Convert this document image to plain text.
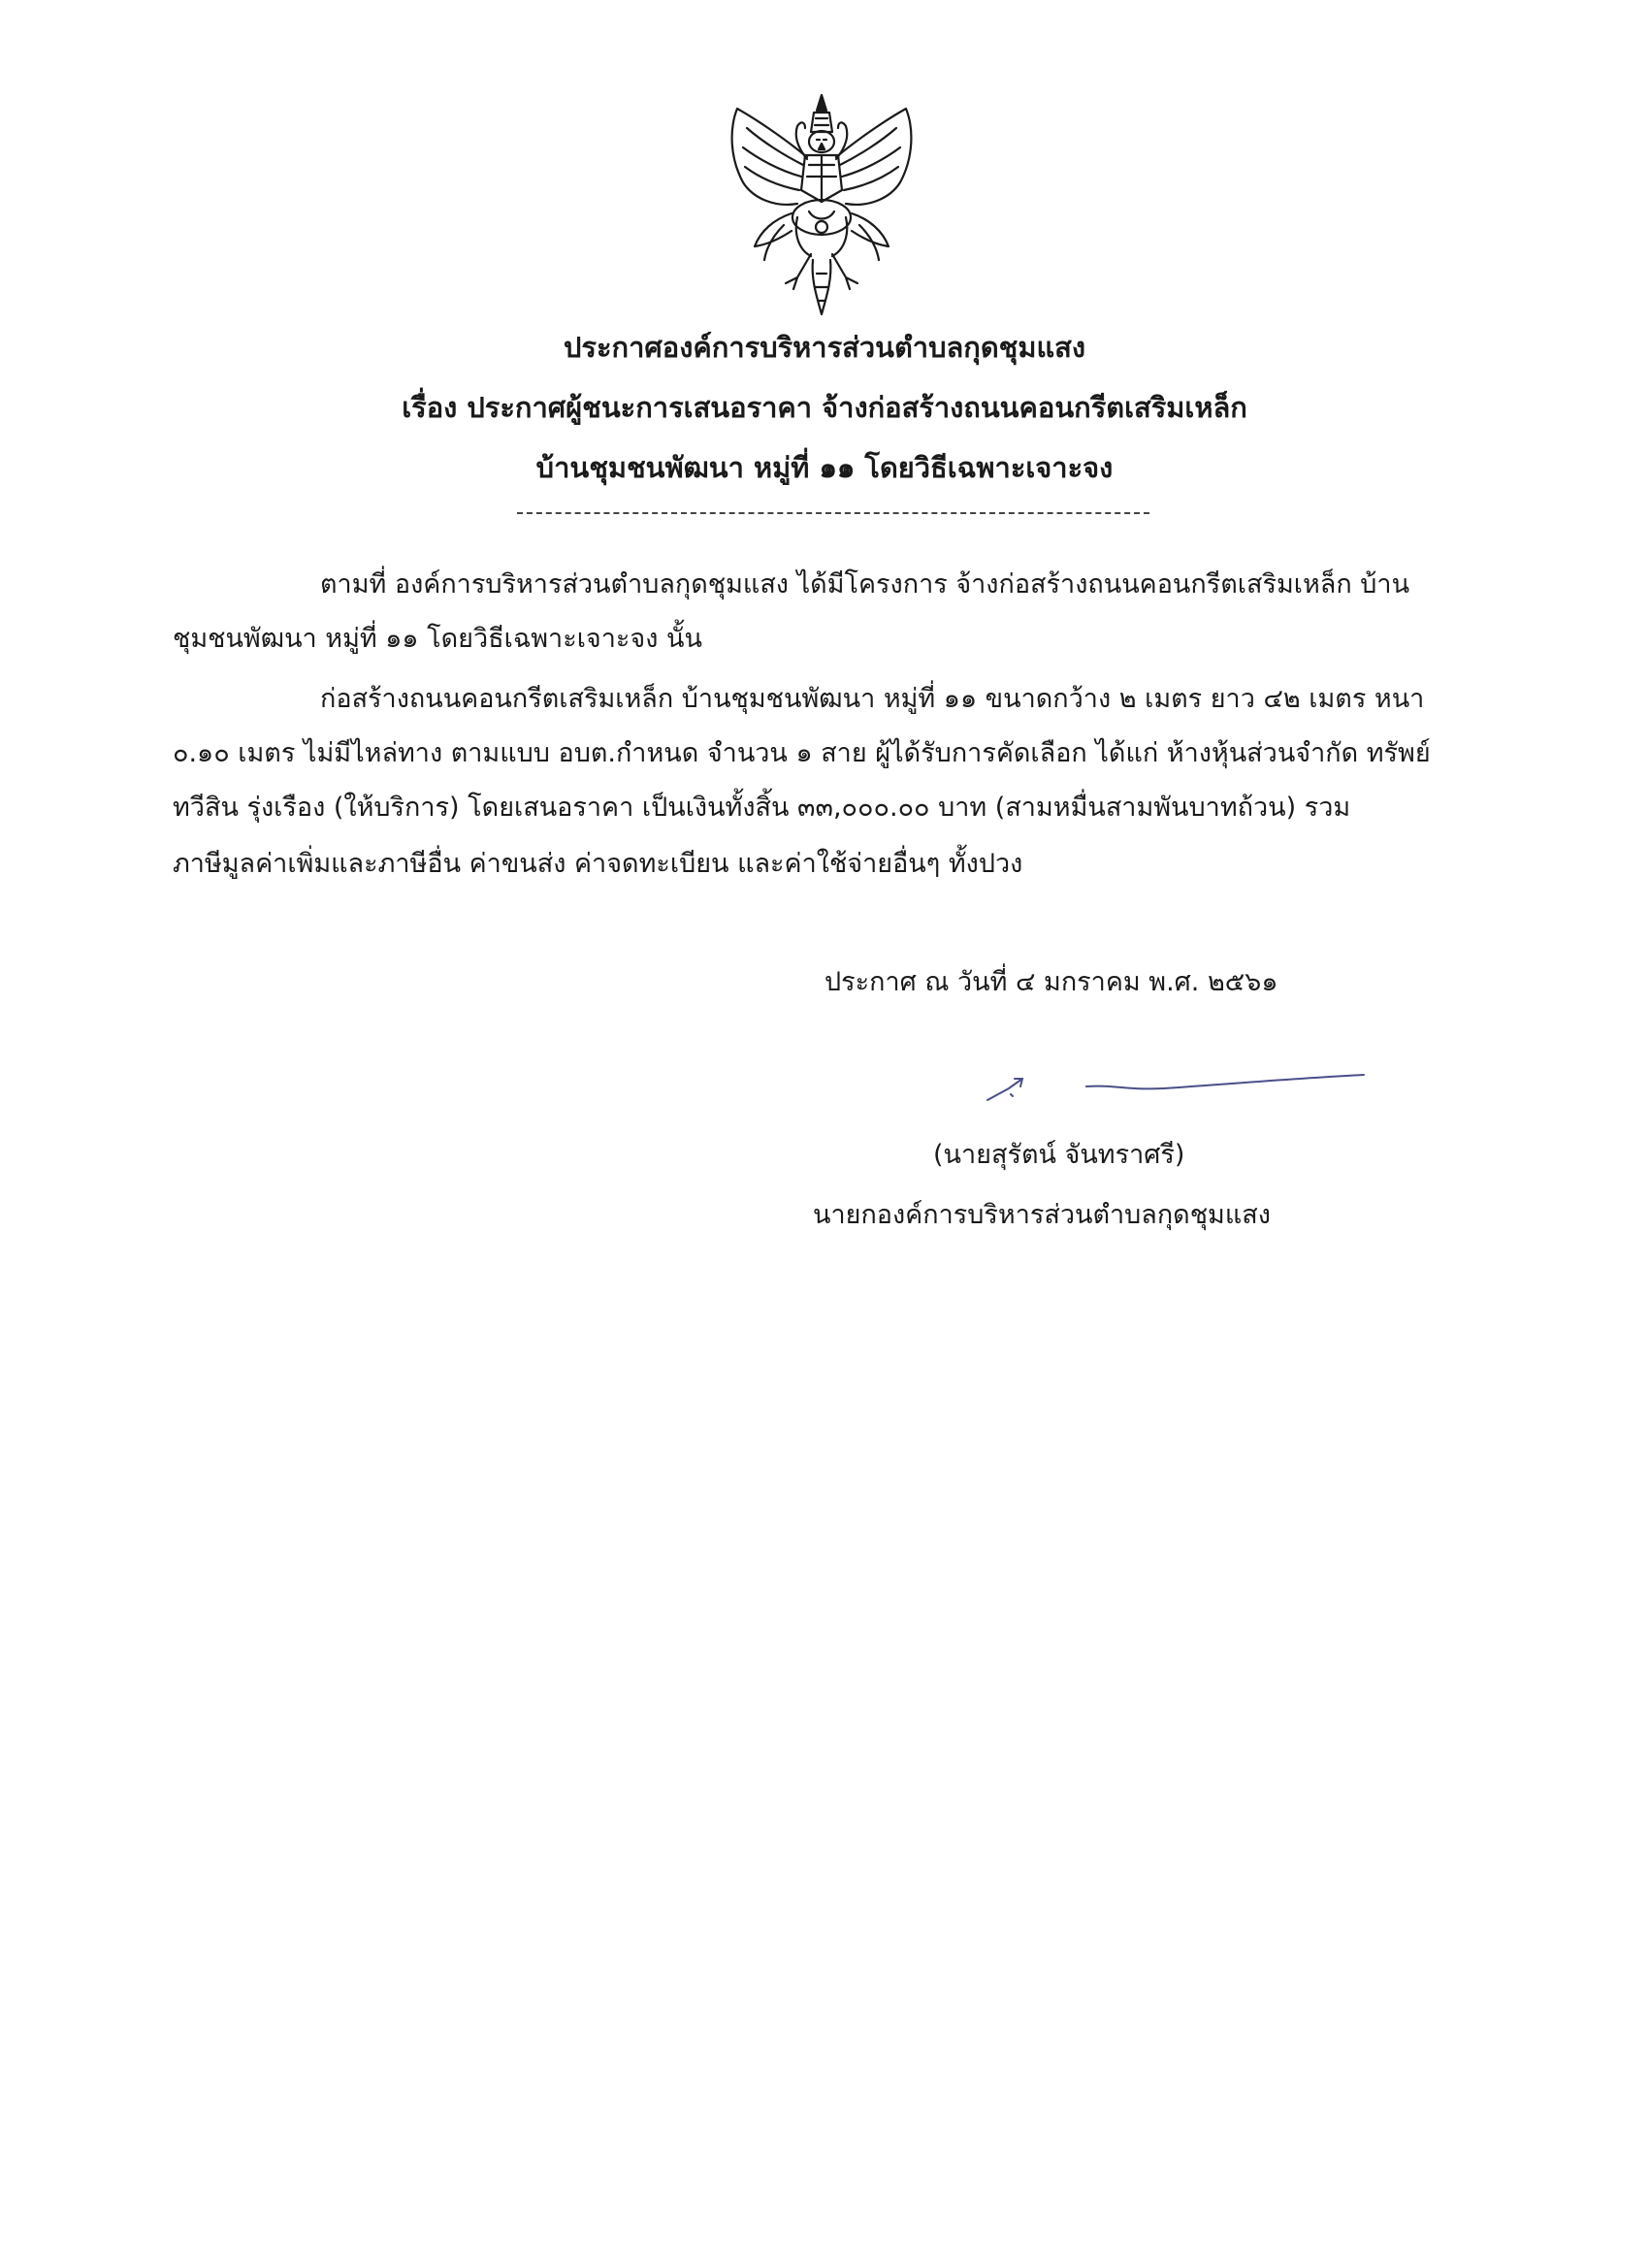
ประกาศองค์การบริหารส่วนตำบลกุดชุมแสง
เรื่อง ประกาศผู้ชนะการเสนอราคา จ้างก่อสร้างถนนคอนกรีตเสริมเหล็ก
บ้านชุมชนพัฒนา หมู่ที่ ๑๑ โดยวิธีเฉพาะเจาะจง
ตามที่ องค์การบริหารส่วนตำบลกุดชุมแสง ได้มีโครงการ จ้างก่อสร้างถนนคอนกรีตเสริมเหล็ก บ้าน
ชุมชนพัฒนา หมู่ที่ ๑๑ โดยวิธีเฉพาะเจาะจง นั้น
ก่อสร้างถนนคอนกรีตเสริมเหล็ก บ้านชุมชนพัฒนา หมู่ที่ ๑๑ ขนาดกว้าง ๒ เมตร ยาว ๔๒ เมตร หนา
๐.๑๐ เมตร ไม่มีไหล่ทาง ตามแบบ อบต.กำหนด จำนวน ๑ สาย ผู้ได้รับการคัดเลือก ได้แก่ ห้างหุ้นส่วนจำกัด ทรัพย์
ทวีสิน รุ่งเรือง (ให้บริการ) โดยเสนอราคา เป็นเงินทั้งสิ้น ๓๓,๐๐๐.๐๐ บาท (สามหมื่นสามพันบาทถ้วน) รวม
ภาษีมูลค่าเพิ่มและภาษีอื่น ค่าขนส่ง ค่าจดทะเบียน และค่าใช้จ่ายอื่นๆ ทั้งปวง
ประกาศ ณ วันที่ ๔ มกราคม พ.ศ. ๒๕๖๑
(นายสุรัตน์ จันทราศรี)
นายกองค์การบริหารส่วนตำบลกุดชุมแสง
